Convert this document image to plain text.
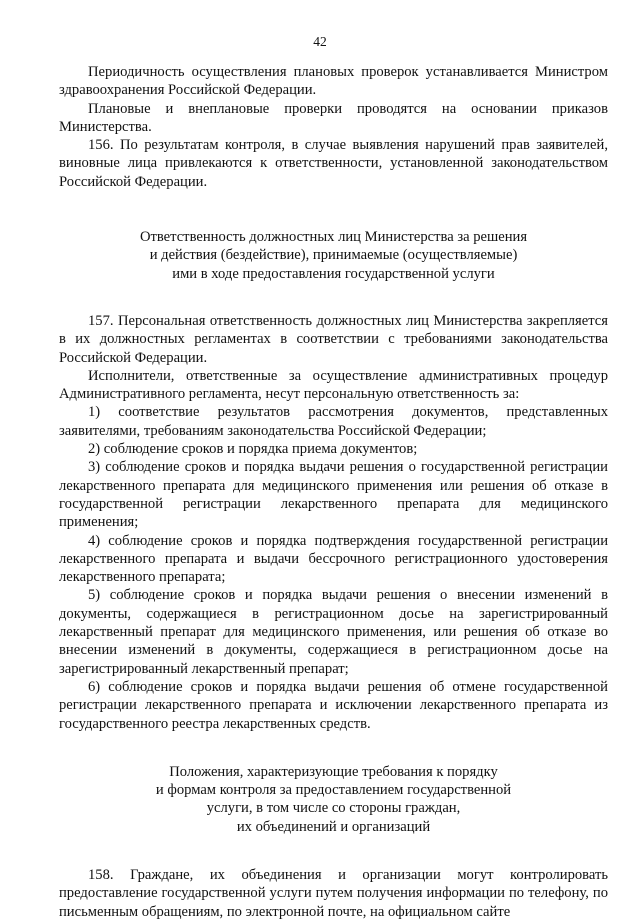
42

Периодичность осуществления плановых проверок устанавливается Министром здравоохранения Российской Федерации.

Плановые и внеплановые проверки проводятся на основании приказов Министерства.

156. По результатам контроля, в случае выявления нарушений прав заявителей, виновные лица привлекаются к ответственности, установленной законодательством Российской Федерации.

Ответственность должностных лиц Министерства за решения

и действия (бездействие), принимаемые (осуществляемые)

ими в ходе предоставления государственной услуги

157. Персональная ответственность должностных лиц Министерства закрепляется в их должностных регламентах в соответствии с требованиями законодательства Российской Федерации.

Исполнители, ответственные за осуществление административных процедур Административного регламента, несут персональную ответственность за:

1) соответствие результатов рассмотрения документов, представленных заявителями, требованиям законодательства Российской Федерации;

2) соблюдение сроков и порядка приема документов;

3) соблюдение сроков и порядка выдачи решения о государственной регистрации лекарственного препарата для медицинского применения или решения об отказе в государственной регистрации лекарственного препарата для медицинского применения;

4) соблюдение сроков и порядка подтверждения государственной регистрации лекарственного препарата и выдачи бессрочного регистрационного удостоверения лекарственного препарата;

5) соблюдение сроков и порядка выдачи решения о внесении изменений в документы, содержащиеся в регистрационном досье на зарегистрированный лекарственный препарат для медицинского применения, или решения об отказе во внесении изменений в документы, содержащиеся в регистрационном досье на зарегистрированный лекарственный препарат;

6) соблюдение сроков и порядка выдачи решения об отмене государственной регистрации лекарственного препарата и исключении лекарственного препарата из государственного реестра лекарственных средств.

Положения, характеризующие требования к порядку

и формам контроля за предоставлением государственной

услуги, в том числе со стороны граждан,

их объединений и организаций

158. Граждане, их объединения и организации могут контролировать предоставление государственной услуги путем получения информации по телефону, по письменным обращениям, по электронной почте, на официальном сайте
